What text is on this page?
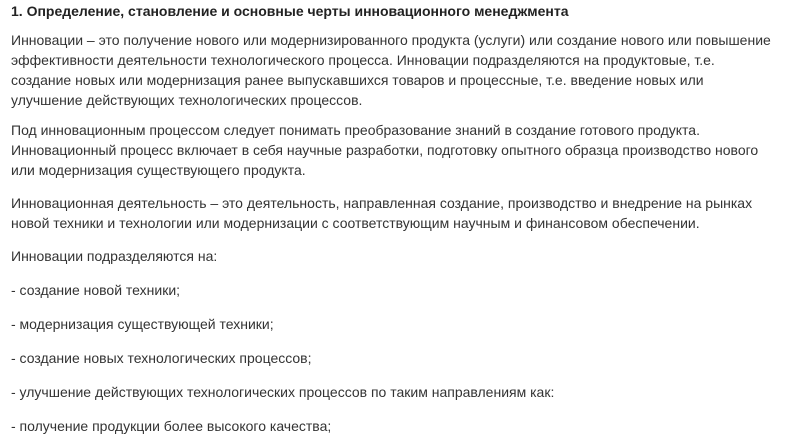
1. Определение, становление и основные черты инновационного менеджмента

Инновации – это получение нового или модернизированного продукта (услуги) или создание нового или повышение эффективности деятельности технологического процесса. Инновации подразделяются на продуктовые, т.е. создание новых или модернизация ранее выпускавшихся товаров и процессные, т.е. введение новых или улучшение действующих технологических процессов.

Под инновационным процессом следует понимать преобразование знаний в создание готового продукта. Инновационный процесс включает в себя научные разработки, подготовку опытного образца производство нового или модернизация существующего продукта.

Инновационная деятельность – это деятельность, направленная создание, производство и внедрение на рынках новой техники и технологии или модернизации с соответствующим научным и финансовом обеспечении.

Инновации подразделяются на:

- создание новой техники;

- модернизация существующей техники;

- создание новых технологических процессов;

- улучшение действующих технологических процессов по таким направлениям как:

- получение продукции более высокого качества;
